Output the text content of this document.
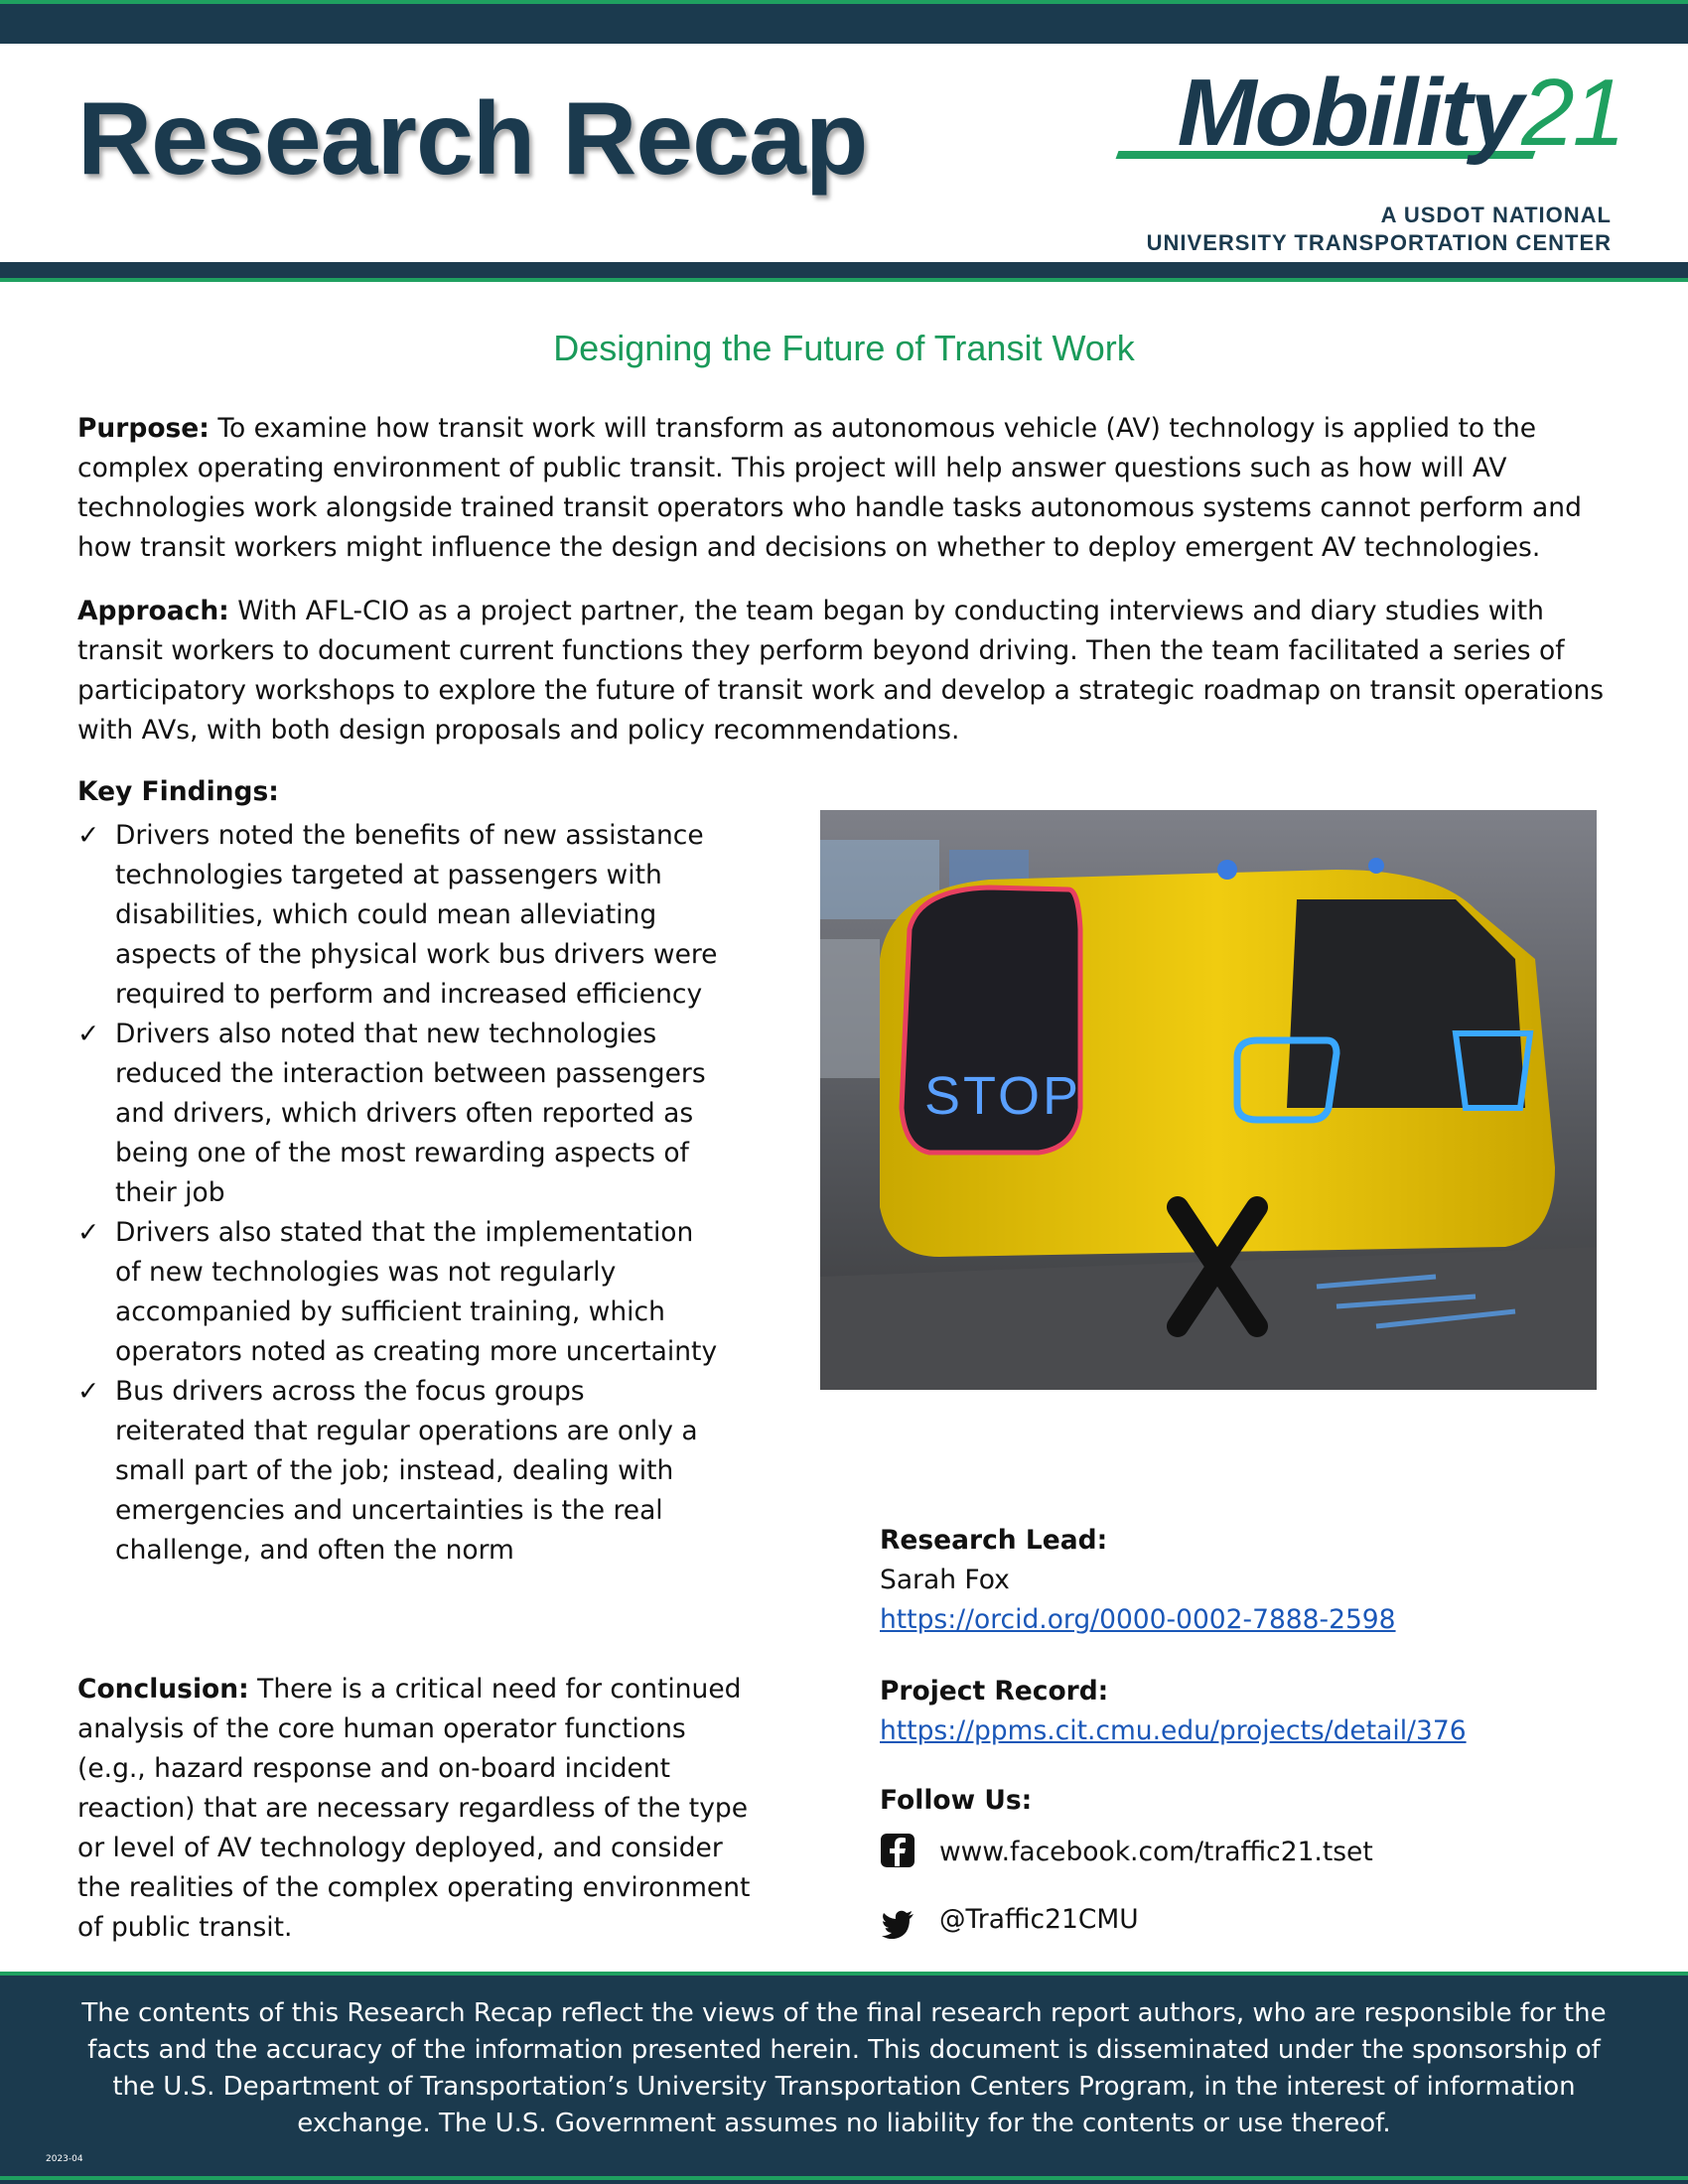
Research Recap	Mobility21
A USDOT NATIONAL
UNIVERSITY TRANSPORTATION CENTER
Designing the Future of Transit Work
Purpose: To examine how transit work will transform as autonomous vehicle (AV) technology is applied to the complex operating environment of public transit. This project will help answer questions such as how will AV technologies work alongside trained transit operators who handle tasks autonomous systems cannot perform and how transit workers might influence the design and decisions on whether to deploy emergent AV technologies.
Approach: With AFL-CIO as a project partner, the team began by conducting interviews and diary studies with transit workers to document current functions they perform beyond driving. Then the team facilitated a series of participatory workshops to explore the future of transit work and develop a strategic roadmap on transit operations with AVs, with both design proposals and policy recommendations.
Key Findings:
✓ Drivers noted the benefits of new assistance technologies targeted at passengers with disabilities, which could mean alleviating aspects of the physical work bus drivers were required to perform and increased efficiency
✓ Drivers also noted that new technologies reduced the interaction between passengers and drivers, which drivers often reported as being one of the most rewarding aspects of their job
✓ Drivers also stated that the implementation of new technologies was not regularly accompanied by sufficient training, which operators noted as creating more uncertainty
✓ Bus drivers across the focus groups reiterated that regular operations are only a small part of the job; instead, dealing with emergencies and uncertainties is the real challenge, and often the norm
Conclusion: There is a critical need for continued analysis of the core human operator functions (e.g., hazard response and on-board incident reaction) that are necessary regardless of the type or level of AV technology deployed, and consider the realities of the complex operating environment of public transit.
STOP
Research Lead:
Sarah Fox
https://orcid.org/0000-0002-7888-2598
Project Record:
https://ppms.cit.cmu.edu/projects/detail/376
Follow Us:
www.facebook.com/traffic21.tset
@Traffic21CMU
The contents of this Research Recap reflect the views of the final research report authors, who are responsible for the facts and the accuracy of the information presented herein. This document is disseminated under the sponsorship of the U.S. Department of Transportation’s University Transportation Centers Program, in the interest of information exchange. The U.S. Government assumes no liability for the contents or use thereof.
2023-04
